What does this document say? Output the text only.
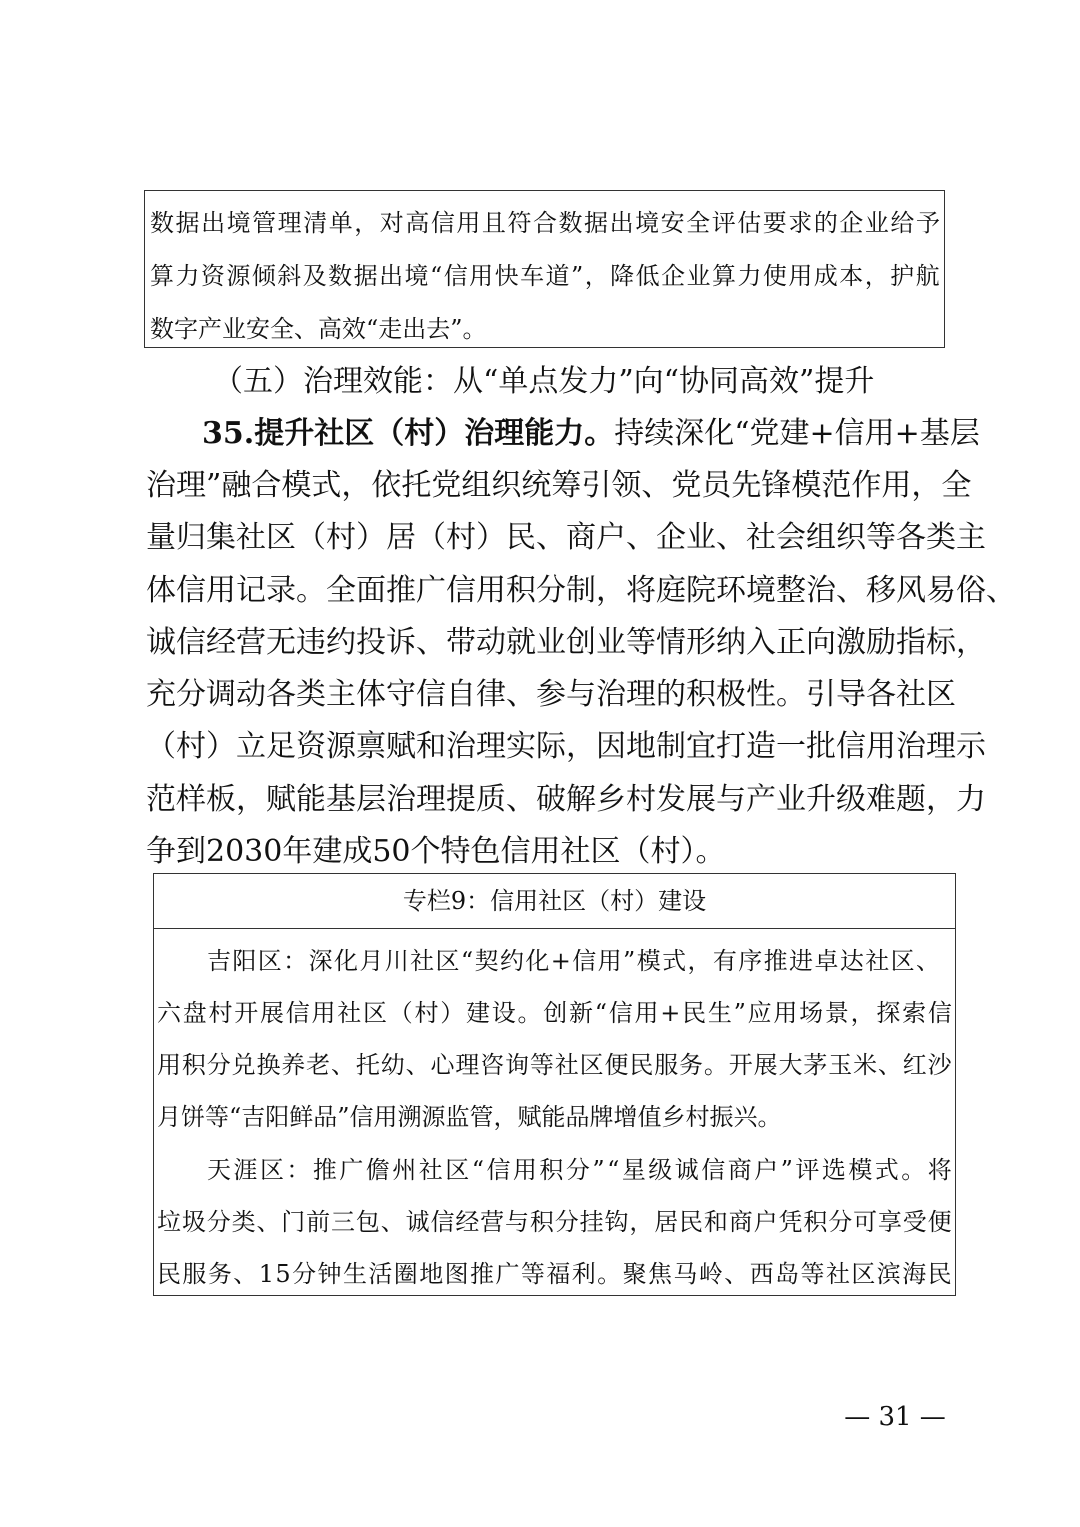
数 据 出 境 管 理 清 单 ， 对 高 信 用 且 符 合 数 据 出 境 安 全 评 估 要 求 的 企 业 给 予
算 力 资 源 倾 斜 及 数 据 出 境 “ 信 用 快 车 道 ” ， 降 低 企 业 算 力 使 用 成 本 ， 护 航
数字产业安全、高效“走出去”。
（五）治理效能：从“单点发力”向“协同高效”提升
35.提升社区（村）治理能力。 持续深化“党建+信用+基层
治 理 ” 融 合 模 式 ， 依 托 党 组 织 统 筹 引 领 、 党 员 先 锋 模 范 作 用 ， 全
量 归 集 社 区 （ 村 ） 居 （ 村 ） 民 、 商 户 、 企 业 、 社 会 组 织 等 各 类 主
体 信 用 记 录 。 全 面 推 广 信 用 积 分 制 ， 将 庭 院 环 境 整 治 、 移 风 易 俗 、
诚 信 经 营 无 违 约 投 诉 、 带 动 就 业 创 业 等 情 形 纳 入 正 向 激 励 指 标 ，
充 分 调 动 各 类 主 体 守 信 自 律 、 参 与 治 理 的 积 极 性 。 引 导 各 社 区
（ 村 ） 立 足 资 源 禀 赋 和 治 理 实 际 ， 因 地 制 宜 打 造 一 批 信 用 治 理 示
范 样 板 ， 赋 能 基 层 治 理 提 质 、 破 解 乡 村 发 展 与 产 业 升 级 难 题 ， 力
争到2030年建成50个特色信用社区（村）。
专栏9：信用社区（村）建设
吉 阳 区 ： 深 化 月 川 社 区 “ 契 约 化 + 信 用 ” 模 式 ， 有 序 推 进 卓 达 社 区 、
六 盘 村 开 展 信 用 社 区 （ 村 ） 建 设 。 创 新 “ 信 用 + 民 生 ” 应 用 场 景 ， 探 索 信
用 积 分 兑 换 养 老 、 托 幼 、 心 理 咨 询 等 社 区 便 民 服 务 。 开 展 大 茅 玉 米 、 红 沙
月饼等“吉阳鲜品”信用溯源监管，赋能品牌增值乡村振兴。
天 涯 区 ： 推 广 儋 州 社 区 “ 信 用 积 分 ” “ 星 级 诚 信 商 户 ” 评 选 模 式 。 将
垃 圾 分 类 、 门 前 三 包 、 诚 信 经 营 与 积 分 挂 钩 ， 居 民 和 商 户 凭 积 分 可 享 受 便
民 服 务 、 1 5 分 钟 生 活 圈 地 图 推 广 等 福 利 。 聚 焦 马 岭 、 西 岛 等 社 区 滨 海 民
— 31 —
